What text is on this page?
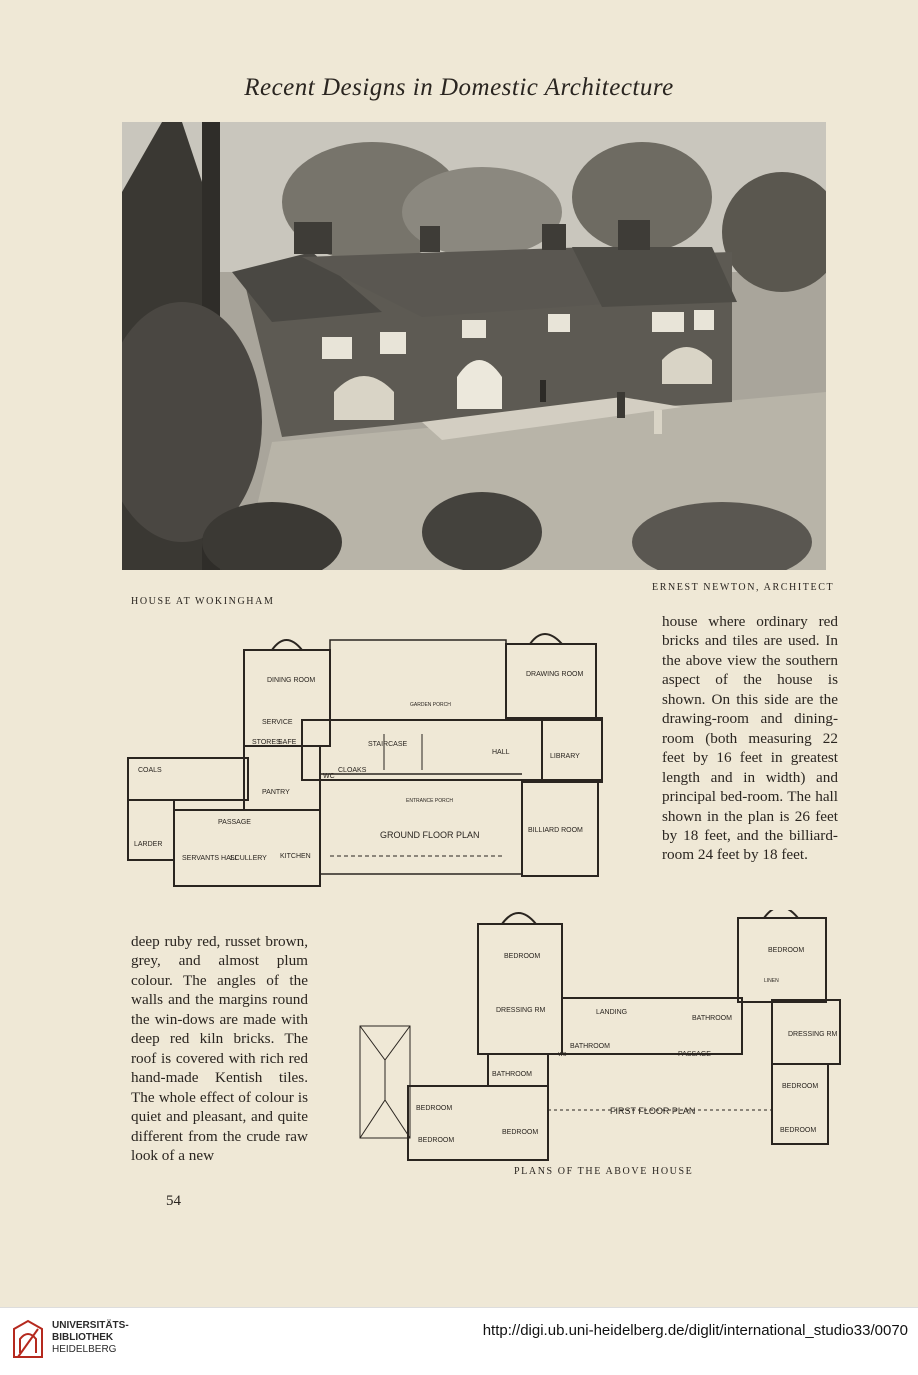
Recent Designs in Domestic Architecture
HOUSE AT WOKINGHAM
ERNEST NEWTON, ARCHITECT
DINING ROOM
DRAWING ROOM
SERVICE
STORES
SAFE	STAIRCASE
HALL
LIBRARY
CLOAKS
WC
COALS
PANTRY
PASSAGE
LARDER
SERVANTS HALL
SCULLERY KITCHEN
BILLIARD ROOM
ENTRANCE PORCH
GARDEN PORCH
GROUND FLOOR PLAN
house where ordinary red bricks and tiles are used. In the above view the southern aspect of the house is shown. On this side are the drawing-room and dining-room (both measuring 22 feet by 16 feet in greatest length and in width) and principal bed-room. The hall shown in the plan is 26 feet by 18 feet, and the billiard-room 24 feet by 18 feet.
BEDROOM
DRESSING RM	LANDING
BATHROOM
BEDROOM
LINEN
DRESSING RM
PASSAGE
BATHROOM
WC
BATHROOM
BEDROOM
BEDROOM
BEDROOM
BEDROOM
BEDROOM
FIRST FLOOR PLAN
PLANS OF THE ABOVE HOUSE
deep ruby red, russet brown, grey, and almost plum colour. The angles of the walls and the margins round the win-dows are made with deep red kiln bricks. The roof is covered with rich red hand-made Kentish tiles. The whole effect of colour is quiet and pleasant, and quite different from the crude raw look of a new
54
UNIVERSITÄTS-
BIBLIOTHEK
HEIDELBERG
http://digi.ub.uni-heidelberg.de/diglit/international_studio33/0070
